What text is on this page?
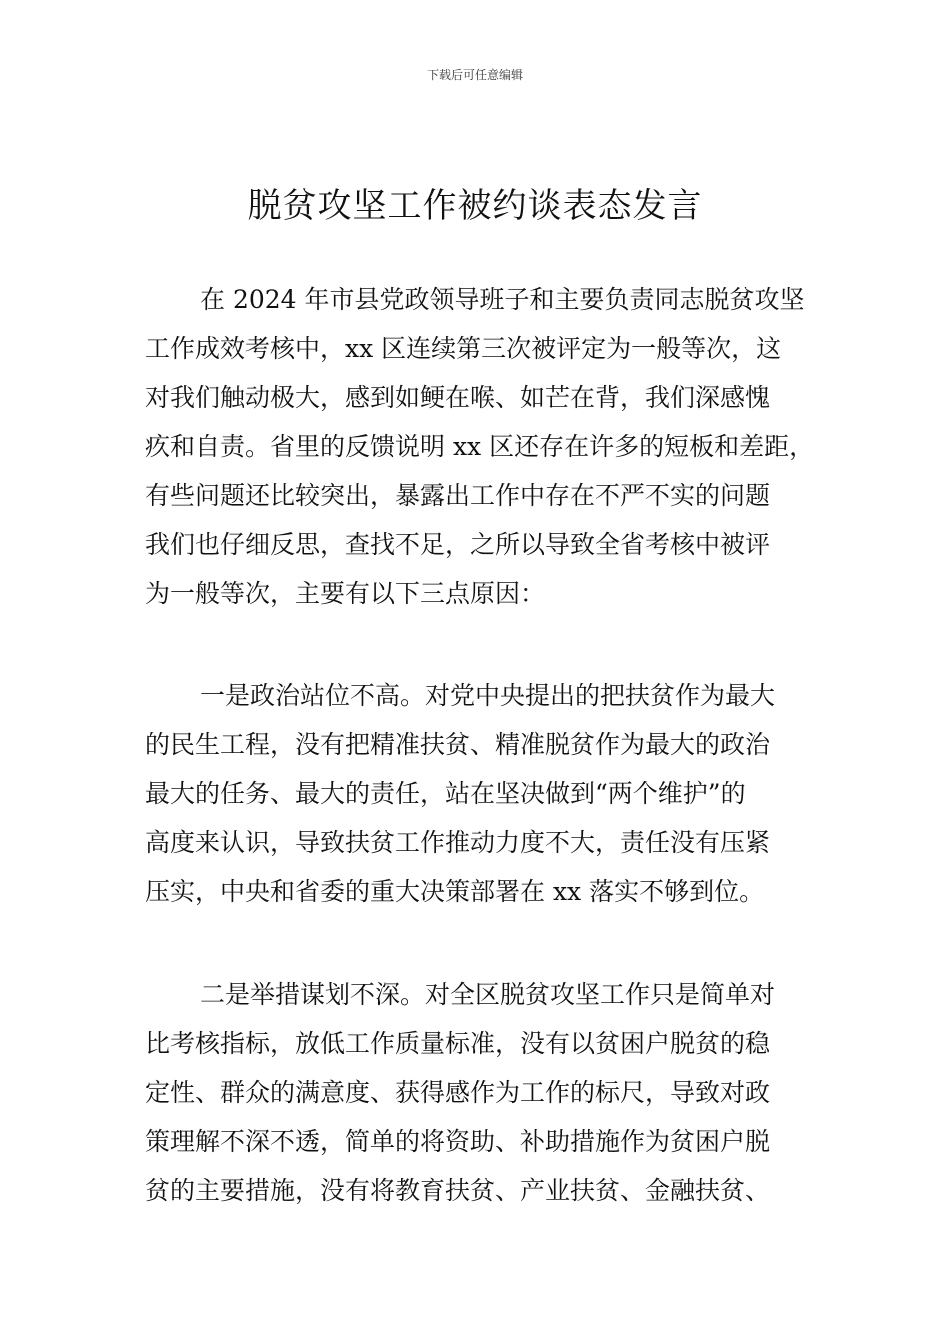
下载后可任意编辑
脱贫攻坚工作被约谈表态发言
在 2024 年市县党政领导班子和主要负责同志脱贫攻坚
工作成效考核中，xx 区连续第三次被评定为一般等次，这
对我们触动极大，感到如鲠在喉、如芒在背，我们深感愧
疚和自责。省里的反馈说明 xx 区还存在许多的短板和差距，
有些问题还比较突出，暴露出工作中存在不严不实的问题
我们也仔细反思，查找不足，之所以导致全省考核中被评
为一般等次，主要有以下三点原因：
一是政治站位不高。对党中央提出的把扶贫作为最大
的民生工程，没有把精准扶贫、精准脱贫作为最大的政治
最大的任务、最大的责任，站在坚决做到“两个维护”的
高度来认识，导致扶贫工作推动力度不大，责任没有压紧
压实，中央和省委的重大决策部署在 xx 落实不够到位。
二是举措谋划不深。对全区脱贫攻坚工作只是简单对
比考核指标，放低工作质量标准，没有以贫困户脱贫的稳
定性、群众的满意度、获得感作为工作的标尺，导致对政
策理解不深不透，简单的将资助、补助措施作为贫困户脱
贫的主要措施，没有将教育扶贫、产业扶贫、金融扶贫、
